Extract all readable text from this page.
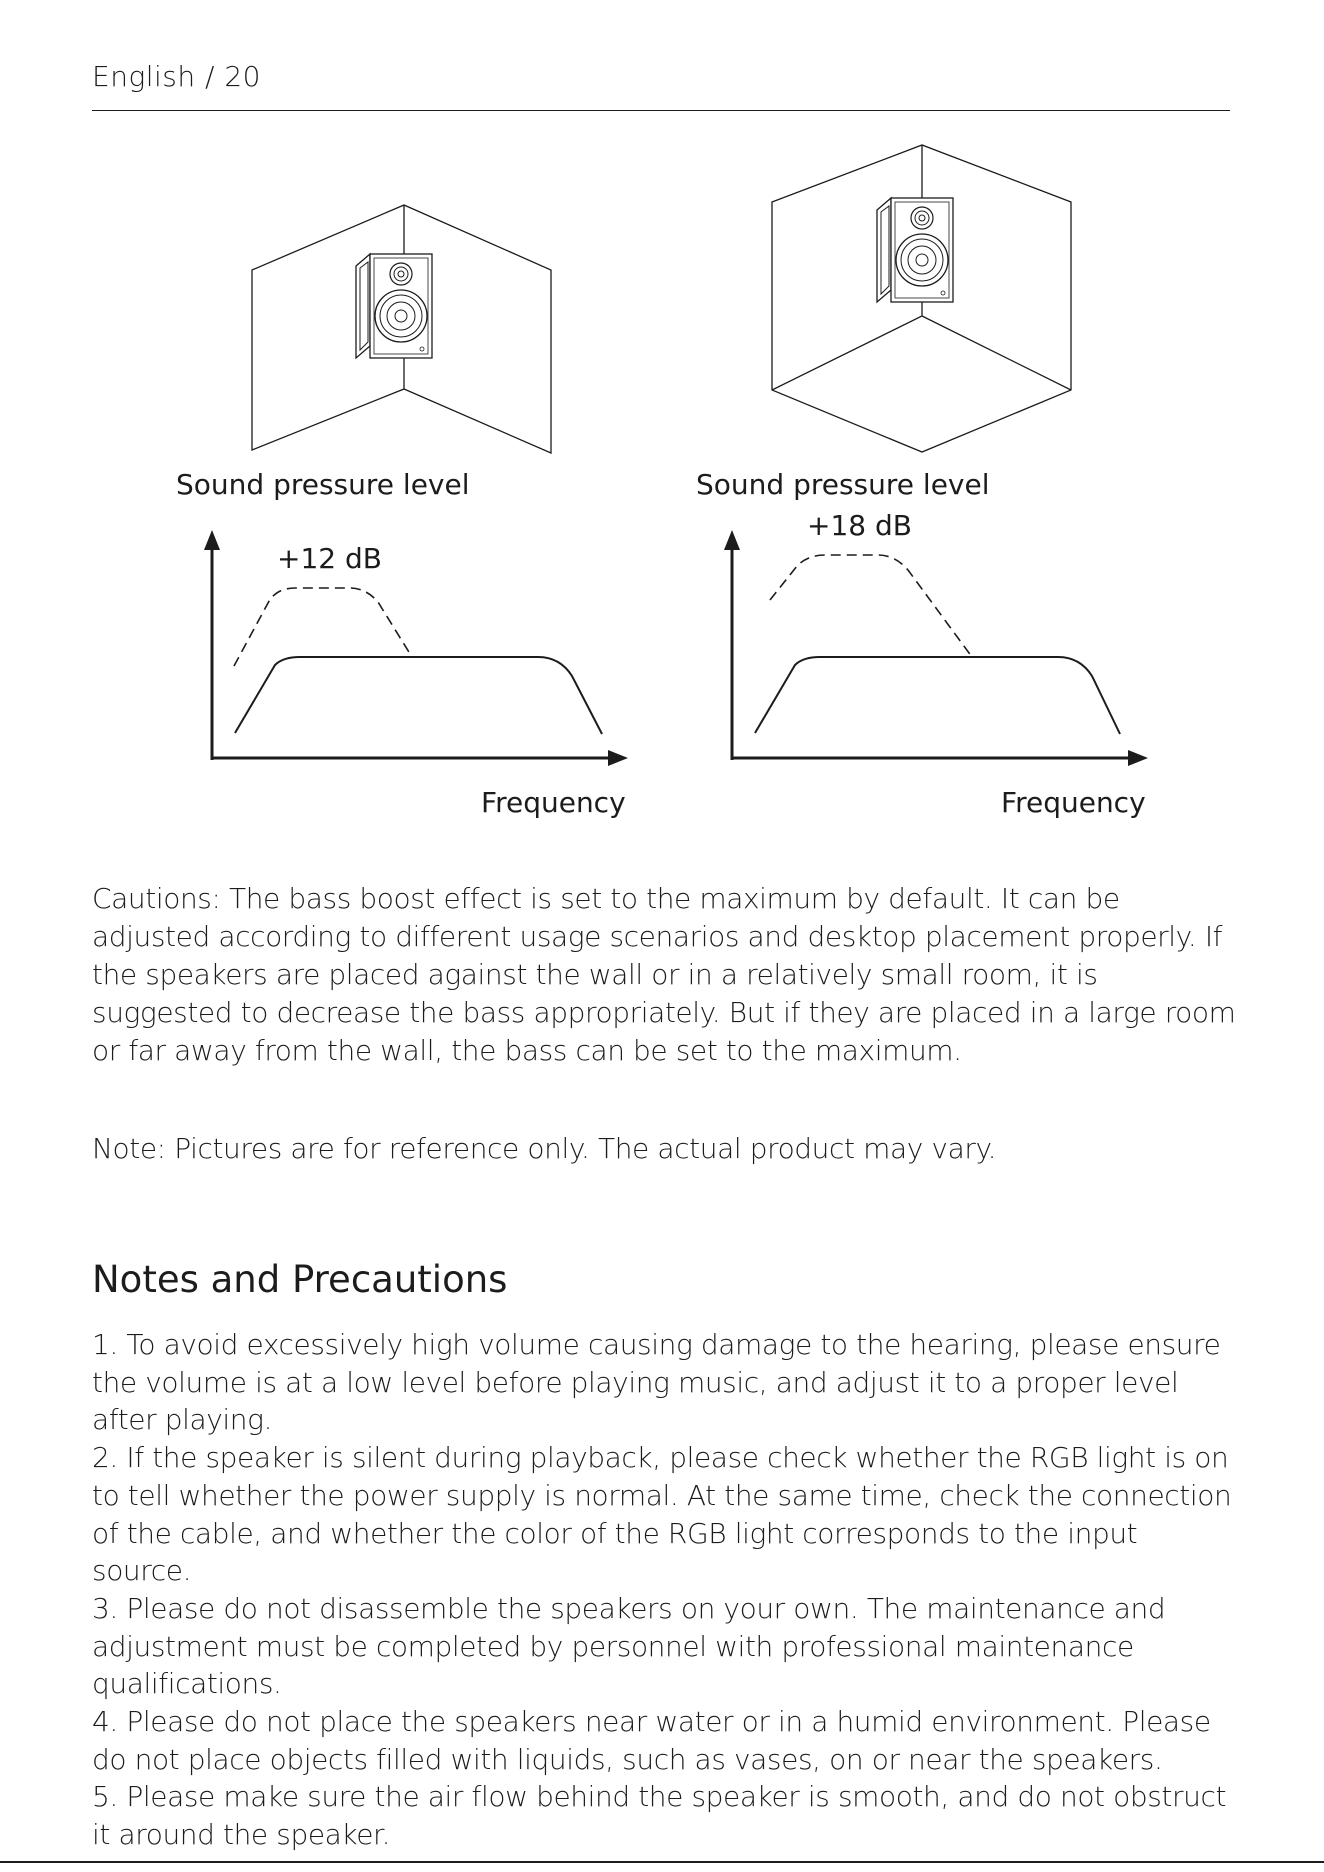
English / 20
Sound pressure level
+12 dB
Frequency
Sound pressure level
+18 dB
Frequency

Cautions: The bass boost effect is set to the maximum by default. It can be adjusted according to different usage scenarios and desktop placement properly. If the speakers are placed against the wall or in a relatively small room, it is suggested to decrease the bass appropriately. But if they are placed in a large room or far away from the wall, the bass can be set to the maximum.

Note: Pictures are for reference only. The actual product may vary.

Notes and Precautions
1. To avoid excessively high volume causing damage to the hearing, please ensure the volume is at a low level before playing music, and adjust it to a proper level after playing.
2. If the speaker is silent during playback, please check whether the RGB light is on to tell whether the power supply is normal. At the same time, check the connection of the cable, and whether the color of the RGB light corresponds to the input source.
3. Please do not disassemble the speakers on your own. The maintenance and adjustment must be completed by personnel with professional maintenance qualifications.
4. Please do not place the speakers near water or in a humid environment. Please do not place objects filled with liquids, such as vases, on or near the speakers.
5. Please make sure the air flow behind the speaker is smooth, and do not obstruct it around the speaker.
